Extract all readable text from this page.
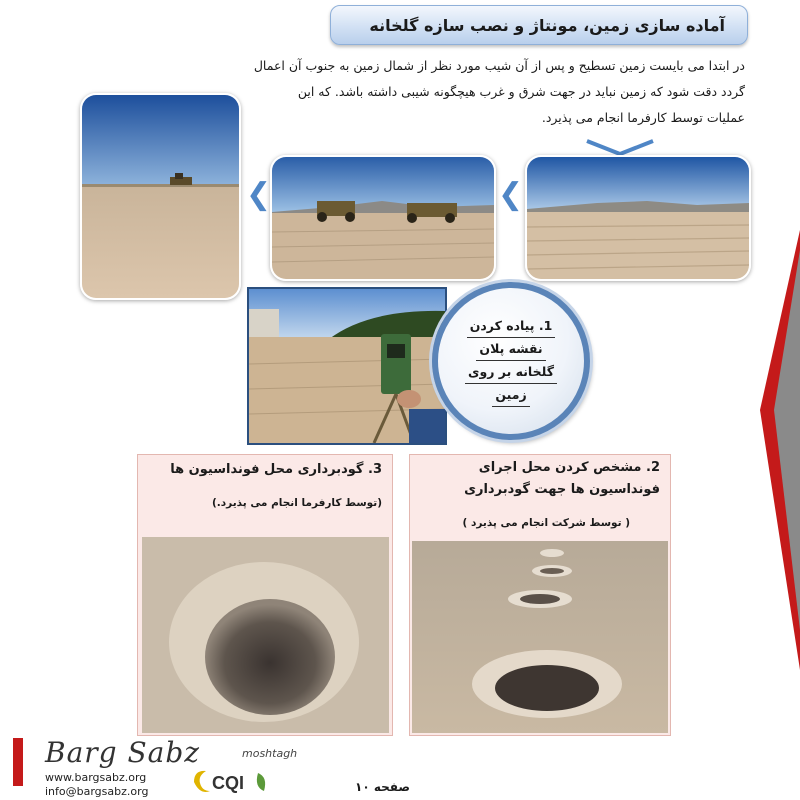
آماده سازی زمین، مونتاژ و نصب سازه گلخانه
در ابتدا می بایست زمین تسطیح و پس از آن شیب مورد نظر از شمال زمین به جنوب آن اعمال
گردد دقت شود که زمین نباید در جهت شرق و غرب هیچگونه شیبی داشته باشد. که این
عملیات توسط کارفرما انجام می پذیرد.
❮	❮
1. پیاده کردن
نقشه پلان
گلخانه بر روی
زمین
3. گودبرداری محل فونداسیون ها
(توسط کارفرما انجام می پذیرد.)
2. مشخص کردن محل اجرای
فونداسیون ها جهت گودبرداری
( توسط شرکت انجام می پذیرد )
Barg Sabz	moshtagh
www.bargsabz.org
info@bargsabz.org	CQI	صفحه ١٠
